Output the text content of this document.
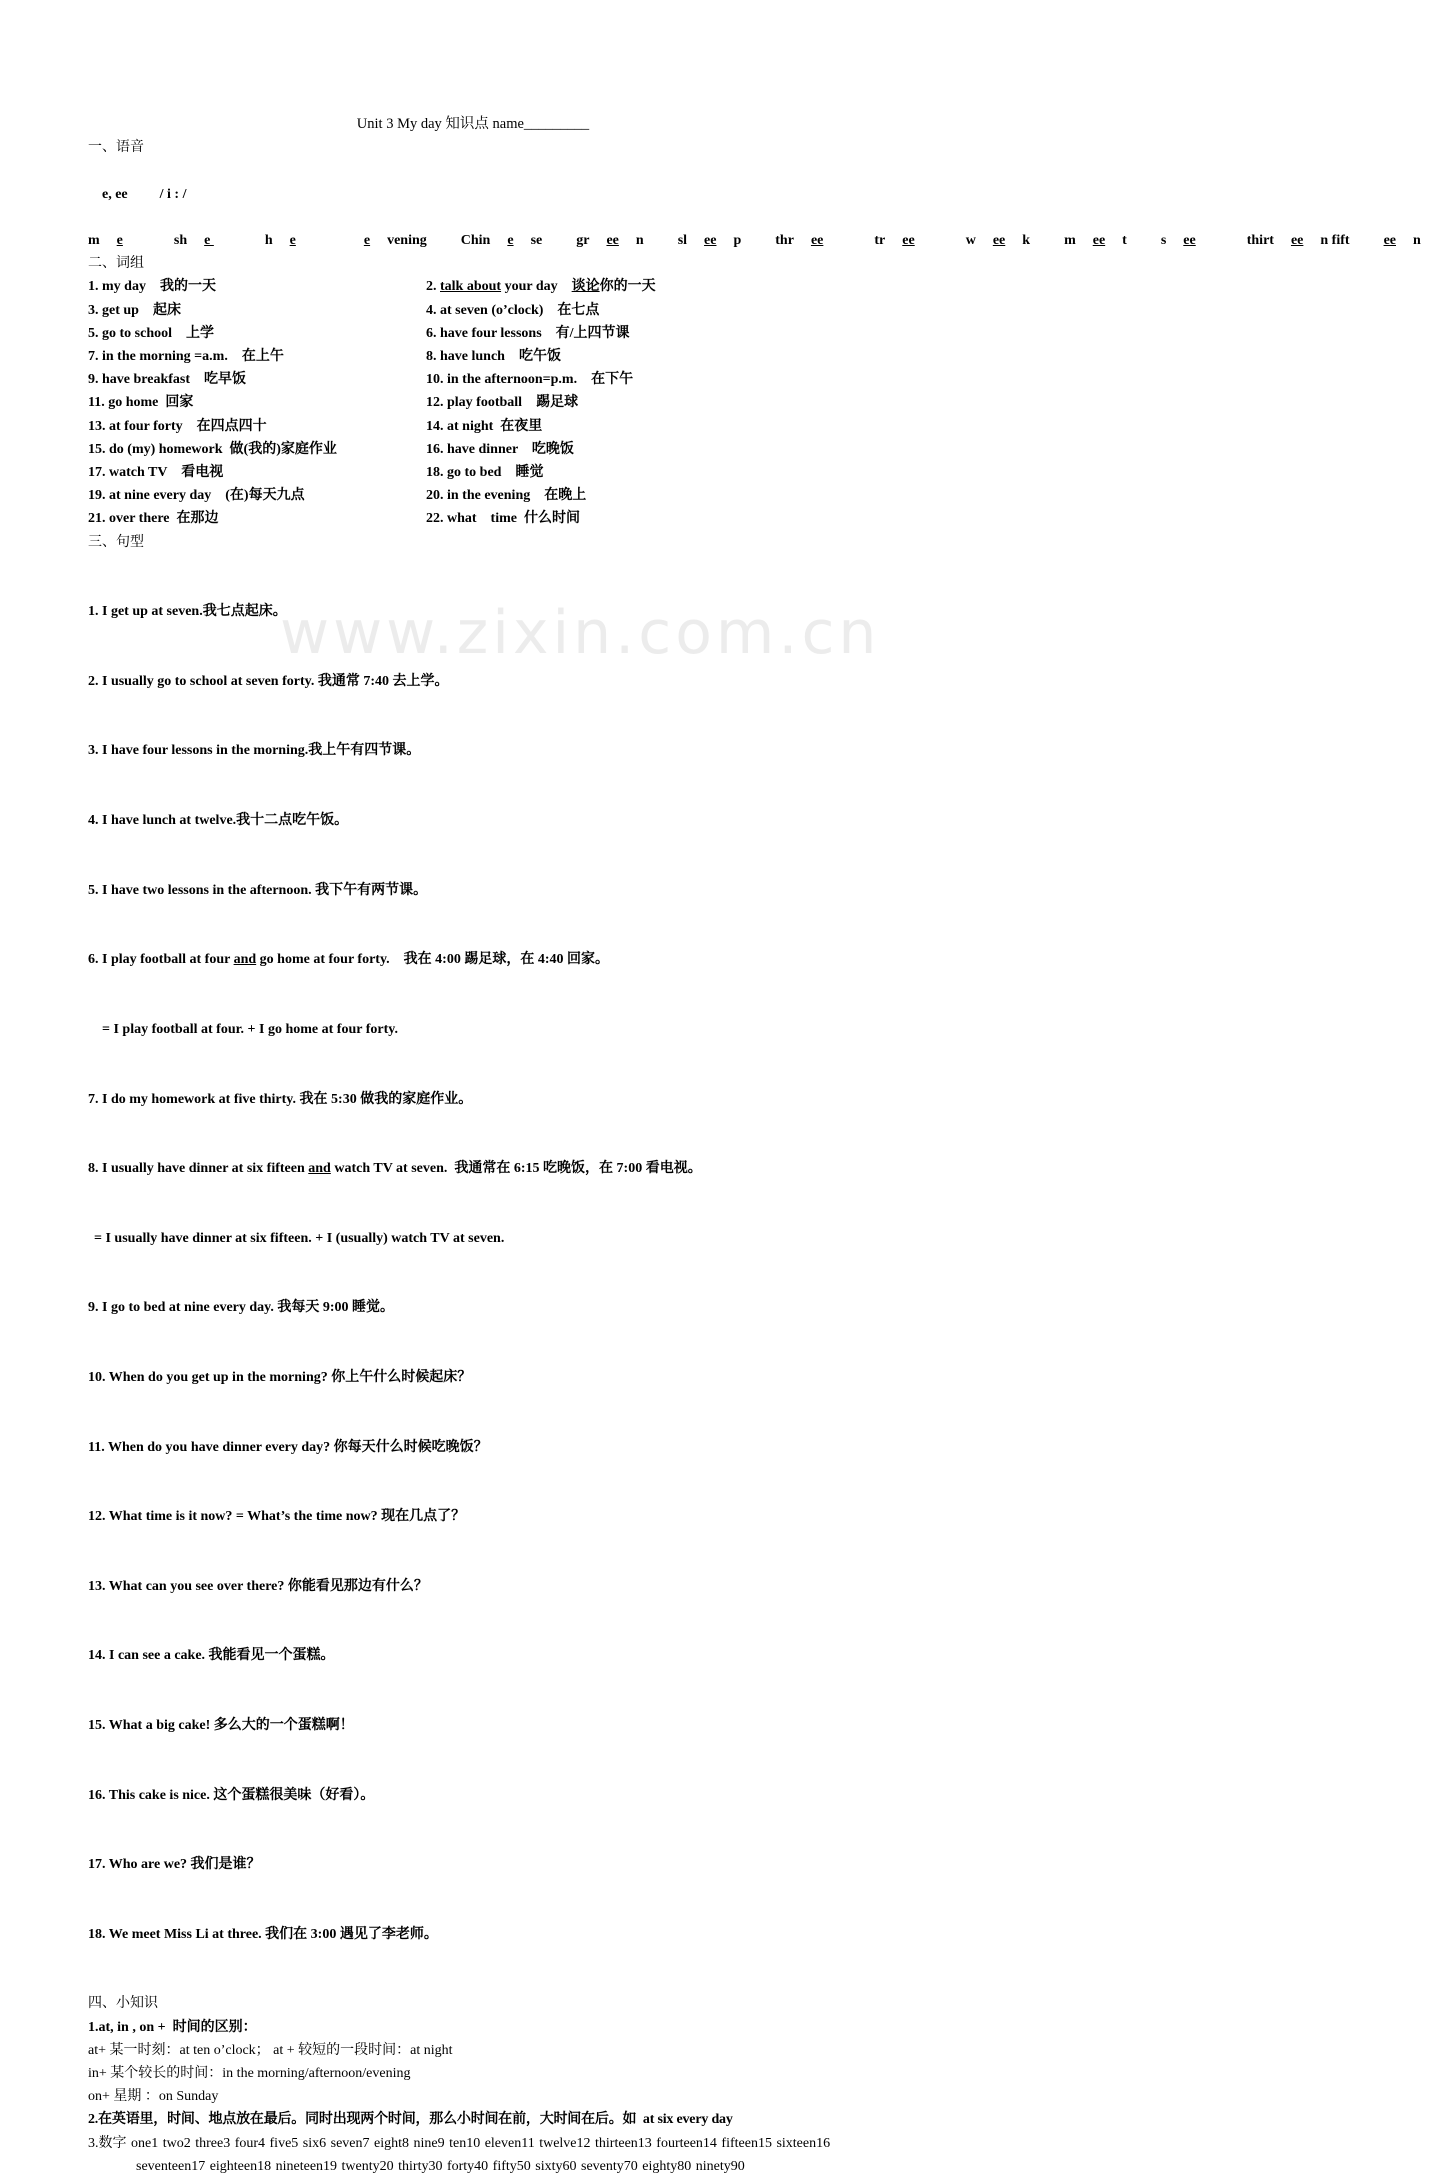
www.zixin.com.cn
Unit 3 My day 知识点 name_________
一、语音

e, ee / i : /

m e	sh e	h e	e vening Chin e se gr ee n sl ee p thr ee	tr ee	w ee k m ee t s ee	thirt ee n fift ee n
二、词组
1. my day    我的一天	2. talk about your day    谈论你的一天
3. get up    起床	4. at seven (o’clock)    在七点
5. go to school    上学	6. have four lessons    有/上四节课
7. in the morning =a.m.    在上午	8. have lunch    吃午饭
9. have breakfast    吃早饭	10. in the afternoon=p.m.    在下午
11. go home  回家	12. play football    踢足球
13. at four forty    在四点四十	14. at night  在夜里
15. do (my) homework  做(我的)家庭作业	16. have dinner    吃晚饭
17. watch TV    看电视	18. go to bed    睡觉
19. at nine every day    (在)每天九点	20. in the evening    在晚上
21. over there  在那边	22. what    time  什么时间
三、句型

1. I get up at seven.我七点起床。

2. I usually go to school at seven forty. 我通常 7:40 去上学。

3. I have four lessons in the morning.我上午有四节课。

4. I have lunch at twelve.我十二点吃午饭。

5. I have two lessons in the afternoon. 我下午有两节课。

6. I play football at four and go home at four forty.    我在 4:00 踢足球，在 4:40 回家。

= I play football at four. + I go home at four forty.

7. I do my homework at five thirty. 我在 5:30 做我的家庭作业。

8. I usually have dinner at six fifteen and watch TV at seven.  我通常在 6:15 吃晚饭，在 7:00 看电视。

= I usually have dinner at six fifteen. + I (usually) watch TV at seven.

9. I go to bed at nine every day. 我每天 9:00 睡觉。

10. When do you get up in the morning? 你上午什么时候起床？

11. When do you have dinner every day? 你每天什么时候吃晚饭？

12. What time is it now? = What’s the time now? 现在几点了？

13. What can you see over there? 你能看见那边有什么？

14. I can see a cake. 我能看见一个蛋糕。

15. What a big cake! 多么大的一个蛋糕啊！

16. This cake is nice. 这个蛋糕很美味（好看）。

17. Who are we? 我们是谁？

18. We meet Miss Li at three. 我们在 3:00 遇见了李老师。

四、小知识
1.at, in , on +  时间的区别：
at+ 某一时刻：at ten o’clock； at + 较短的一段时间：at night
in+ 某个较长的时间：in the morning/afternoon/evening
on+ 星期 ：on Sunday
2.在英语里，时间、地点放在最后。同时出现两个时间，那么小时间在前，大时间在后。如  at six every day
3.数字 one1 two2 three3 four4 five5 six6 seven7 eight8 nine9 ten10 eleven11 twelve12 thirteen13 fourteen14 fifteen15 sixteen16 seventeen17 eighteen18 nineteen19 twenty20 thirty30 forty40 fifty50 sixty60 seventy70 eighty80 ninety90
